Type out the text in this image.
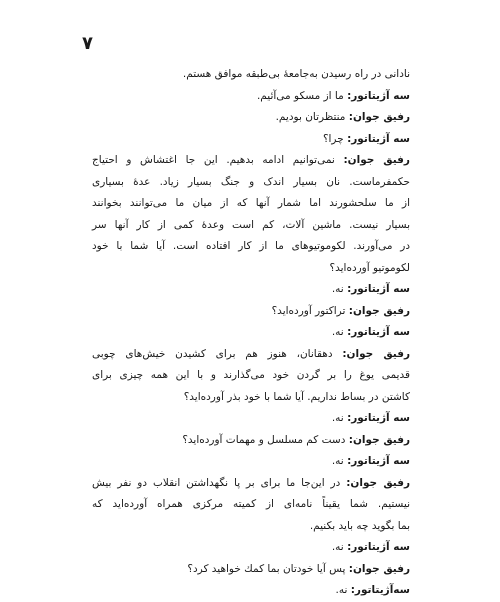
۷
نادانی در راه رسیدن به‌جامعهٔ بی‌طبقه موافق هستم.
سه آژیتاتور: ما از مسکو می‌آئیم.
رفیق جوان: منتظرتان بودیم.
سه آژیتاتور: چرا؟
رفیق جوان: نمی‌توانیم ادامه بدهیم. این جا اغتشاش و احتیاج
حکمفرماست. نان بسیار اندک و جنگ بسیار زیاد. عدهٔ بسیاری
از ما سلحشورند اما شمار آنها که از میان ما می‌توانند بخوانند
بسیار نیست. ماشین آلات، کم است وعدهٔ کمی از کار آنها سر
در می‌آورند. لکوموتیوهای ما از کار افتاده است. آیا شما با خود
لکوموتیو آورده‌اید؟
سه آژیتاتور: نه.
رفیق جوان: تراکتور آورده‌اید؟
سه آژیتاتور: نه.
رفیق جوان: دهقانان، هنوز هم برای کشیدن خیش‌های چوبی
قدیمی یوغ را بر گردن خود می‌گذارند و با این همه چیزی برای
کاشتن در بساط نداریم. آیا شما با خود بذر آورده‌اید؟
سه آژیتاتور: نه.
رفیق جوان: دست کم مسلسل و مهمات آورده‌اید؟
سه آژیتاتور: نه.
رفیق جوان: در این‌جا ما برای بر پا نگهداشتن انقلاب دو نفر بیش
نیستیم. شما یقیناً نامه‌ای از کمیته مرکزی همراه آورده‌اید که
بما بگوید چه باید بکنیم.
سه آژیتاتور: نه.
رفیق جوان: پس آیا خودتان بما کمك خواهید کرد؟
سه‌آژیتاتور: نه.
